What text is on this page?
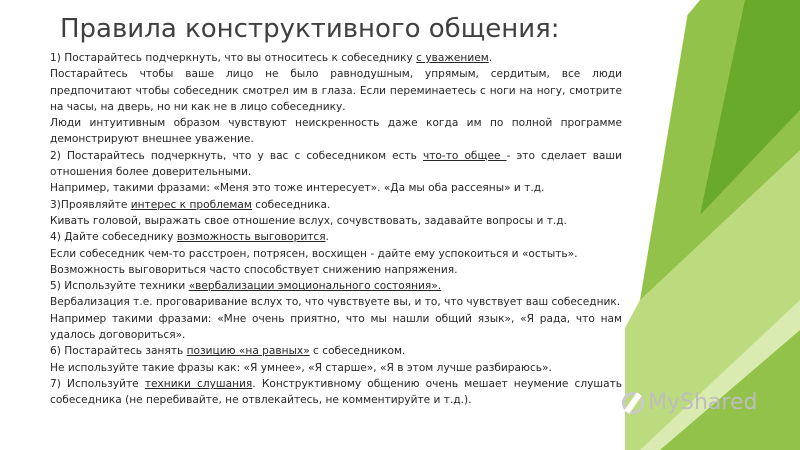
Правила конструктивного общения:

1) Постарайтесь подчеркнуть, что вы относитесь к собеседнику с уважением.

Постарайтесь чтобы ваше лицо не было равнодушным, упрямым, сердитым, все люди предпочитают чтобы собеседник смотрел им в глаза. Если переминаетесь с ноги на ногу, смотрите на часы, на дверь, но ни как не в лицо собеседнику.

Люди интуитивным образом чувствуют неискренность даже когда им по полной программе демонстрируют внешнее уважение.

2) Постарайтесь подчеркнуть, что у вас с собеседником есть что-то общее - это сделает ваши отношения более доверительными.

Например, такими фразами: «Меня это тоже интересует». «Да мы оба рассеяны» и т.д.

3)Проявляйте интерес к проблемам собеседника.

Кивать головой, выражать свое отношение вслух, сочувствовать, задавайте вопросы и т.д.

4) Дайте собеседнику возможность выговорится.

Если собеседник чем-то расстроен, потрясен, восхищен - дайте ему успокоиться и «остыть».

Возможность выговориться часто способствует снижению напряжения.

5) Используйте техники «вербализации эмоционального состояния».

Вербализация т.е. проговаривание вслух то, что чувствуете вы, и то, что чувствует ваш собеседник.

Например такими фразами: «Мне очень приятно, что мы нашли общий язык», «Я рада, что нам удалось договориться».

6) Постарайтесь занять позицию «на равных» с собеседником.

Не используйте такие фразы как: «Я умнее», «Я старше», «Я в этом лучше разбираюсь».

7) Используйте техники слушания. Конструктивному общению очень мешает неумение слушать собеседника (не перебивайте, не отвлекайтесь, не комментируйте и т.д.).	MyShared
